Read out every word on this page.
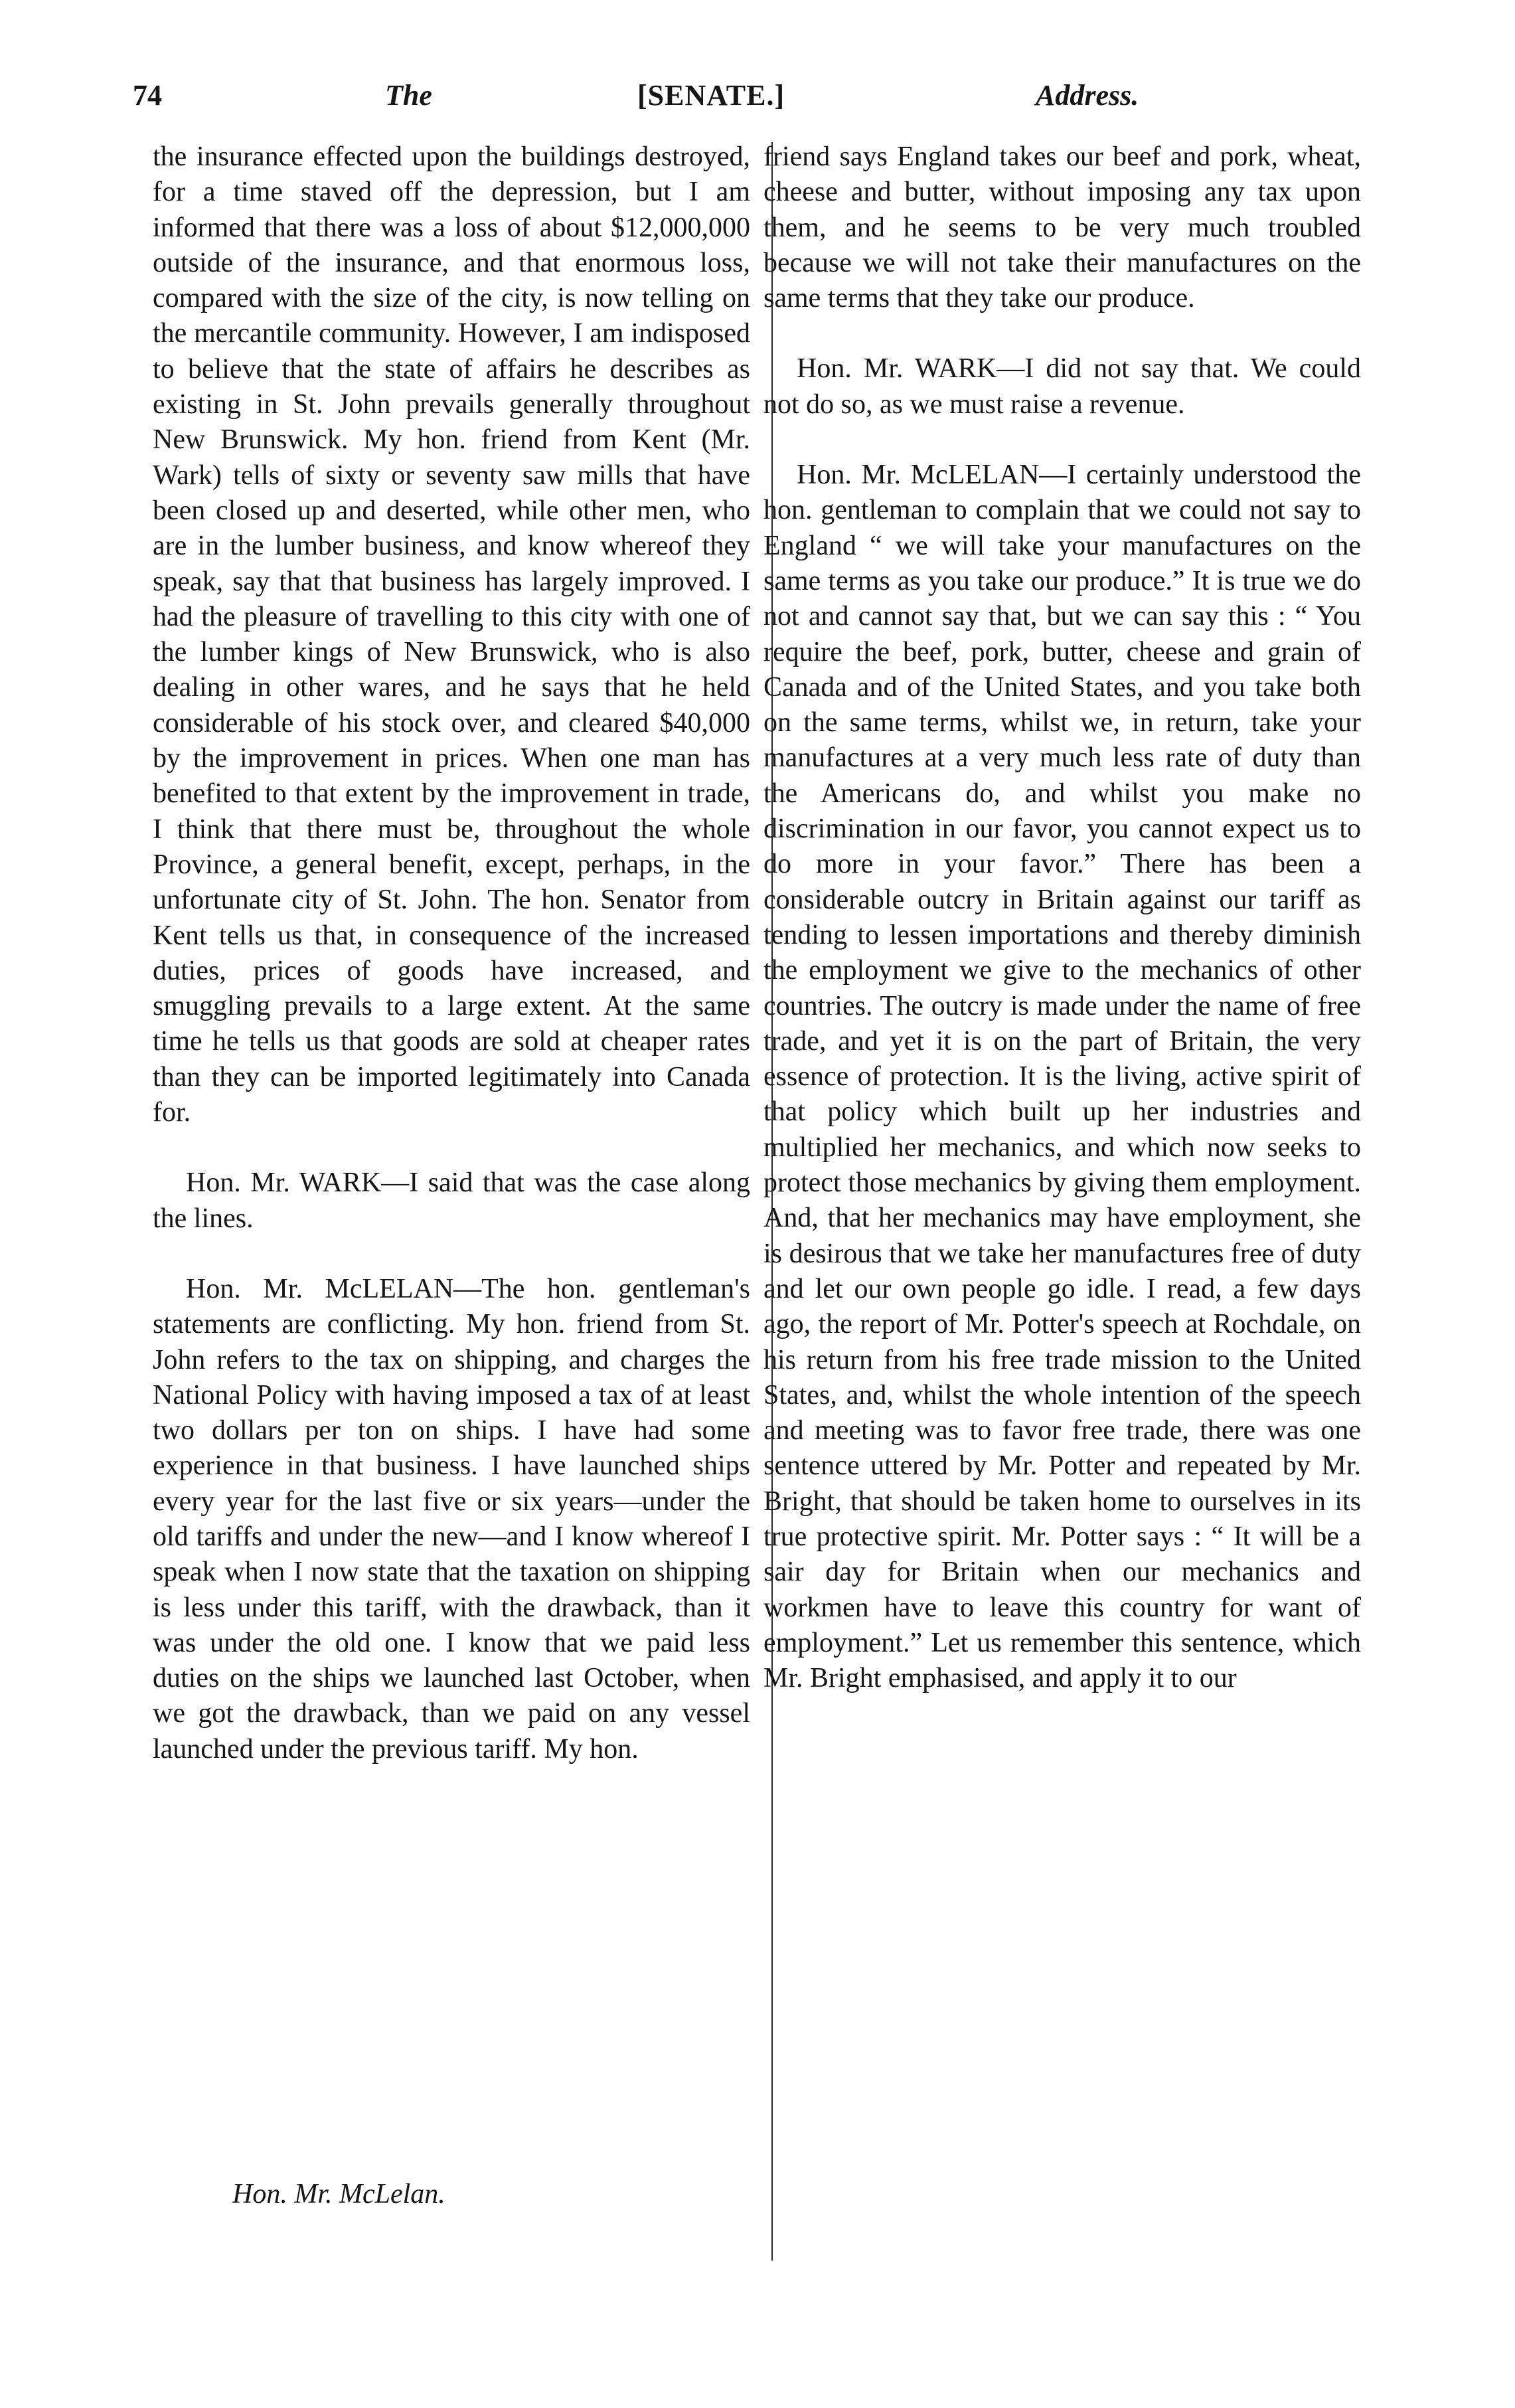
74	The	[SENATE.]	Address.

the insurance effected upon the buildings destroyed, for a time staved off the depression, but I am informed that there was a loss of about $12,000,000 outside of the insurance, and that enormous loss, compared with the size of the city, is now telling on the mercantile community. However, I am indisposed to believe that the state of affairs he describes as existing in St. John prevails generally throughout New Brunswick. My hon. friend from Kent (Mr. Wark) tells of sixty or seventy saw mills that have been closed up and deserted, while other men, who are in the lumber business, and know whereof they speak, say that that business has largely improved. I had the pleasure of travelling to this city with one of the lumber kings of New Brunswick, who is also dealing in other wares, and he says that he held considerable of his stock over, and cleared $40,000 by the improvement in prices. When one man has benefited to that extent by the improvement in trade, I think that there must be, throughout the whole Province, a general benefit, except, perhaps, in the unfortunate city of St. John. The hon. Senator from Kent tells us that, in consequence of the increased duties, prices of goods have increased, and smuggling prevails to a large extent. At the same time he tells us that goods are sold at cheaper rates than they can be imported legitimately into Canada for.

Hon. Mr. WARK—I said that was the case along the lines.

Hon. Mr. McLELAN—The hon. gentleman's statements are conflicting. My hon. friend from St. John refers to the tax on shipping, and charges the National Policy with having imposed a tax of at least two dollars per ton on ships. I have had some experience in that business. I have launched ships every year for the last five or six years—under the old tariffs and under the new—and I know whereof I speak when I now state that the taxation on shipping is less under this tariff, with the drawback, than it was under the old one. I know that we paid less duties on the ships we launched last October, when we got the drawback, than we paid on any vessel launched under the previous tariff. My hon.

friend says England takes our beef and pork, wheat, cheese and butter, without imposing any tax upon them, and he seems to be very much troubled because we will not take their manufactures on the same terms that they take our produce.

Hon. Mr. WARK—I did not say that. We could not do so, as we must raise a revenue.

Hon. Mr. McLELAN—I certainly understood the hon. gentleman to complain that we could not say to England “ we will take your manufactures on the same terms as you take our produce.” It is true we do not and cannot say that, but we can say this : “ You require the beef, pork, butter, cheese and grain of Canada and of the United States, and you take both on the same terms, whilst we, in return, take your manufactures at a very much less rate of duty than the Americans do, and whilst you make no discrimination in our favor, you cannot expect us to do more in your favor.” There has been a considerable outcry in Britain against our tariff as tending to lessen importations and thereby diminish the employment we give to the mechanics of other countries. The outcry is made under the name of free trade, and yet it is on the part of Britain, the very essence of protection. It is the living, active spirit of that policy which built up her industries and multiplied her mechanics, and which now seeks to protect those mechanics by giving them employment. And, that her mechanics may have employment, she is desirous that we take her manufactures free of duty and let our own people go idle. I read, a few days ago, the report of Mr. Potter's speech at Rochdale, on his return from his free trade mission to the United States, and, whilst the whole intention of the speech and meeting was to favor free trade, there was one sentence uttered by Mr. Potter and repeated by Mr. Bright, that should be taken home to ourselves in its true protective spirit. Mr. Potter says : “ It will be a sair day for Britain when our mechanics and workmen have to leave this country for want of employment.” Let us remember this sentence, which Mr. Bright emphasised, and apply it to our

Hon. Mr. McLelan.
